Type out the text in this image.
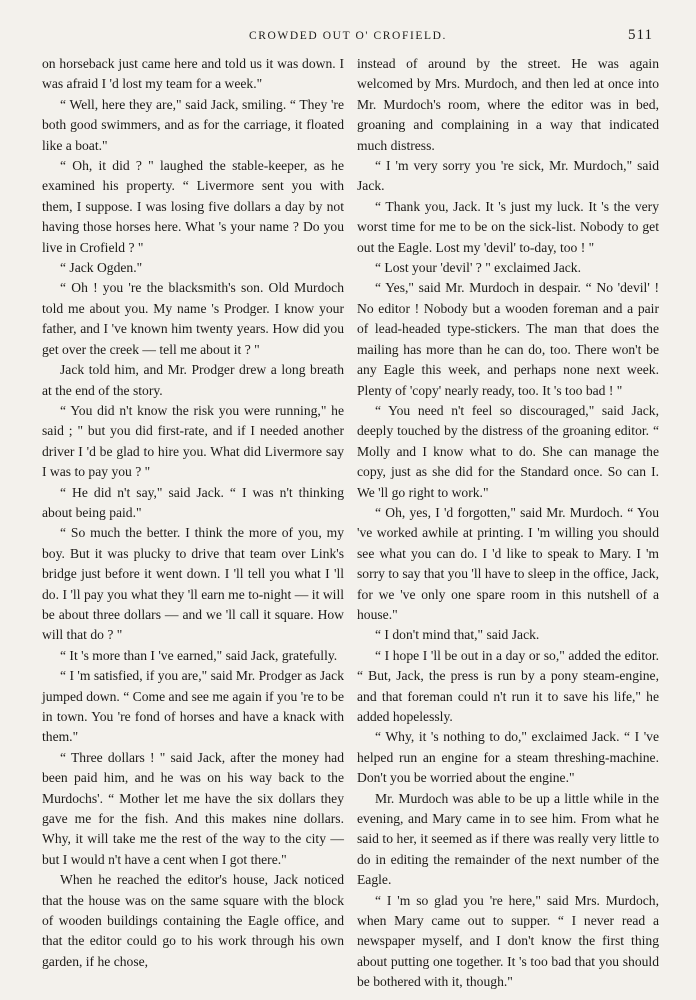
CROWDED OUT O' CROFIELD.	511

on horseback just came here and told us it was down. I was afraid I 'd lost my team for a week."

“ Well, here they are," said Jack, smiling. “ They 're both good swimmers, and as for the carriage, it floated like a boat."

“ Oh, it did ? " laughed the stable-keeper, as he examined his property. “ Livermore sent you with them, I suppose. I was losing five dollars a day by not having those horses here. What 's your name ? Do you live in Crofield ? "

“ Jack Ogden."

“ Oh ! you 're the blacksmith's son. Old Murdoch told me about you. My name 's Prodger. I know your father, and I 've known him twenty years. How did you get over the creek — tell me about it ? "

Jack told him, and Mr. Prodger drew a long breath at the end of the story.

“ You did n't know the risk you were running," he said ; " but you did first-rate, and if I needed another driver I 'd be glad to hire you. What did Livermore say I was to pay you ? "

“ He did n't say," said Jack. “ I was n't thinking about being paid."

“ So much the better. I think the more of you, my boy. But it was plucky to drive that team over Link's bridge just before it went down. I 'll tell you what I 'll do. I 'll pay you what they 'll earn me to-night — it will be about three dollars — and we 'll call it square. How will that do ? "

“ It 's more than I 've earned," said Jack, gratefully.

“ I 'm satisfied, if you are," said Mr. Prodger as Jack jumped down. “ Come and see me again if you 're to be in town. You 're fond of horses and have a knack with them."

“ Three dollars ! " said Jack, after the money had been paid him, and he was on his way back to the Murdochs'. “ Mother let me have the six dollars they gave me for the fish. And this makes nine dollars. Why, it will take me the rest of the way to the city — but I would n't have a cent when I got there."

When he reached the editor's house, Jack noticed that the house was on the same square with the block of wooden buildings containing the Eagle office, and that the editor could go to his work through his own garden, if he chose,

instead of around by the street. He was again welcomed by Mrs. Murdoch, and then led at once into Mr. Murdoch's room, where the editor was in bed, groaning and complaining in a way that indicated much distress.

“ I 'm very sorry you 're sick, Mr. Murdoch," said Jack.

“ Thank you, Jack. It 's just my luck. It 's the very worst time for me to be on the sick-list. Nobody to get out the Eagle. Lost my 'devil' to-day, too ! "

“ Lost your 'devil' ? " exclaimed Jack.

“ Yes," said Mr. Murdoch in despair. “ No 'devil' ! No editor ! Nobody but a wooden foreman and a pair of lead-headed type-stickers. The man that does the mailing has more than he can do, too. There won't be any Eagle this week, and perhaps none next week. Plenty of 'copy' nearly ready, too. It 's too bad ! "

“ You need n't feel so discouraged," said Jack, deeply touched by the distress of the groaning editor. “ Molly and I know what to do. She can manage the copy, just as she did for the Standard once. So can I. We 'll go right to work."

“ Oh, yes, I 'd forgotten," said Mr. Murdoch. “ You 've worked awhile at printing. I 'm willing you should see what you can do. I 'd like to speak to Mary. I 'm sorry to say that you 'll have to sleep in the office, Jack, for we 've only one spare room in this nutshell of a house."

“ I don't mind that," said Jack.

“ I hope I 'll be out in a day or so," added the editor. “ But, Jack, the press is run by a pony steam-engine, and that foreman could n't run it to save his life," he added hopelessly.

“ Why, it 's nothing to do," exclaimed Jack. “ I 've helped run an engine for a steam threshing-machine. Don't you be worried about the engine."

Mr. Murdoch was able to be up a little while in the evening, and Mary came in to see him. From what he said to her, it seemed as if there was really very little to do in editing the remainder of the next number of the Eagle.

“ I 'm so glad you 're here," said Mrs. Murdoch, when Mary came out to supper. “ I never read a newspaper myself, and I don't know the first thing about putting one together. It 's too bad that you should be bothered with it, though."
